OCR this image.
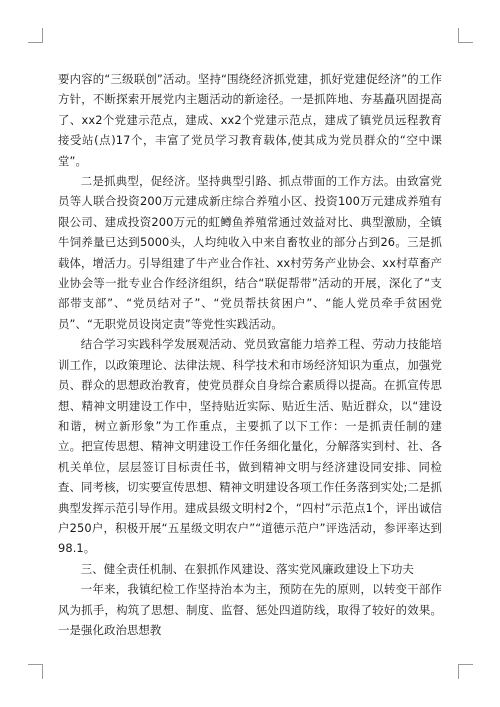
要内容的“三级联创”活动。坚持“围绕经济抓党建，抓好党建促经济”的工作方针，不断探索开展党内主题活动的新途径。一是抓阵地、夯基矗巩固提高了、xx2个党建示范点，建成、xx2个党建示范点，建成了镇党员远程教育接受站(点)17个，丰富了党员学习教育载体,使其成为党员群众的“空中课堂”。

二是抓典型，促经济。坚持典型引路、抓点带面的工作方法。由致富党员等人联合投资200万元建成新庄综合养殖小区、投资100万元建成养殖有限公司、建成投资200万元的虹鳟鱼养殖常通过效益对比、典型激励，全镇牛饲养量已达到5000头，人均纯收入中来自畜牧业的部分占到26。三是抓载体，增活力。引导组建了牛产业合作社、xx村劳务产业协会、xx村草畜产业协会等一批专业合作经济组织，结合“联促帮带”活动的开展，深化了“支部带支部”、“党员结对子”、“党员帮扶贫困户”、“能人党员牵手贫困党员”、“无职党员设岗定责”等党性实践活动。

结合学习实践科学发展观活动、党员致富能力培养工程、劳动力技能培训工作，以政策理论、法律法规、科学技术和市场经济知识为重点，加强党员、群众的思想政治教育，使党员群众自身综合素质得以提高。在抓宣传思想、精神文明建设工作中，坚持贴近实际、贴近生活、贴近群众，以“建设和谐，树立新形象”为工作重点，主要抓了以下工作：一是抓责任制的建立。把宣传思想、精神文明建设工作任务细化量化，分解落实到村、社、各机关单位，层层签订目标责任书，做到精神文明与经济建设同安排、同检查、同考核，切实要宣传思想、精神文明建设各项工作任务落到实处;二是抓典型发挥示范引导作用。建成县级文明村2个，“四村”示范点1个，评出诚信户250户，积极开展“五星级文明农户”“道德示范户”评选活动，参评率达到98.1。

三、健全责任机制、在狠抓作风建设、落实党风廉政建设上下功夫

一年来，我镇纪检工作坚持治本为主，预防在先的原则，以转变干部作风为抓手，构筑了思想、制度、监督、惩处四道防线，取得了较好的效果。一是强化政治思想教
